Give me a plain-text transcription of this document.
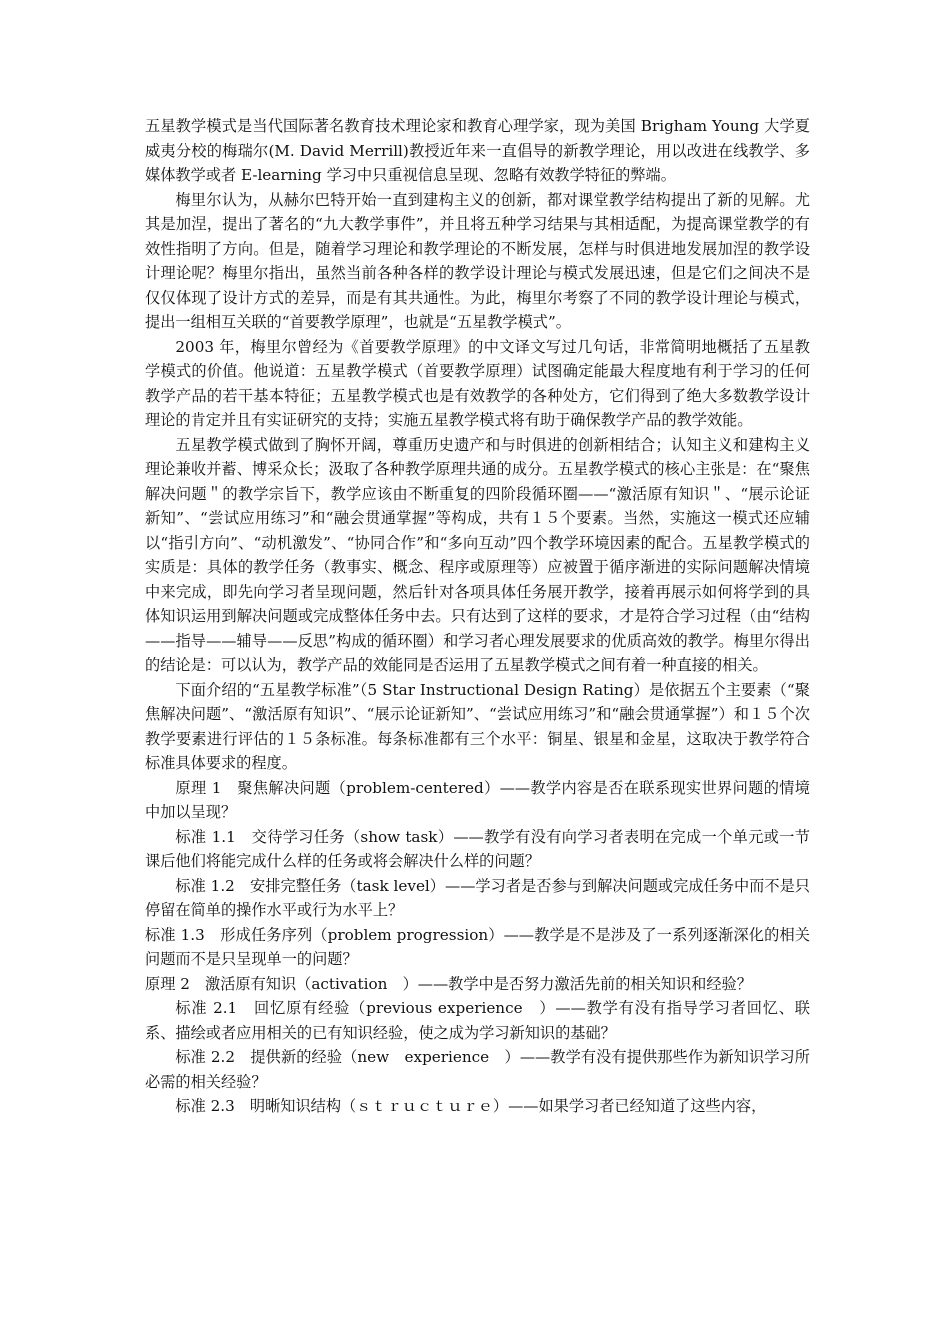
五星教学模式是当代国际著名教育技术理论家和教育心理学家，现为美国 Brigham Young 大学夏威夷分校的梅瑞尔(M. David Merrill)教授近年来一直倡导的新教学理论，用以改进在线教学、多媒体教学或者 E-learning 学习中只重视信息呈现、忽略有效教学特征的弊端。

梅里尔认为，从赫尔巴特开始一直到建构主义的创新，都对课堂教学结构提出了新的见解。尤其是加涅，提出了著名的“九大教学事件”，并且将五种学习结果与其相适配，为提高课堂教学的有效性指明了方向。但是，随着学习理论和教学理论的不断发展，怎样与时俱进地发展加涅的教学设计理论呢？梅里尔指出，虽然当前各种各样的教学设计理论与模式发展迅速，但是它们之间决不是仅仅体现了设计方式的差异，而是有其共通性。为此，梅里尔考察了不同的教学设计理论与模式，提出一组相互关联的“首要教学原理”，也就是“五星教学模式”。

2003 年，梅里尔曾经为《首要教学原理》的中文译文写过几句话，非常简明地概括了五星教学模式的价值。他说道：五星教学模式（首要教学原理）试图确定能最大程度地有利于学习的任何教学产品的若干基本特征；五星教学模式也是有效教学的各种处方，它们得到了绝大多数教学设计理论的肯定并且有实证研究的支持；实施五星教学模式将有助于确保教学产品的教学效能。

五星教学模式做到了胸怀开阔，尊重历史遗产和与时俱进的创新相结合；认知主义和建构主义理论兼收并蓄、博采众长；汲取了各种教学原理共通的成分。五星教学模式的核心主张是：在“聚焦解决问题＂的教学宗旨下，教学应该由不断重复的四阶段循环圈——“激活原有知识＂、“展示论证新知”、“尝试应用练习”和“融会贯通掌握”等构成，共有１５个要素。当然，实施这一模式还应辅以“指引方向”、“动机激发”、“协同合作”和“多向互动”四个教学环境因素的配合。五星教学模式的实质是：具体的教学任务（教事实、概念、程序或原理等）应被置于循序渐进的实际问题解决情境中来完成，即先向学习者呈现问题，然后针对各项具体任务展开教学，接着再展示如何将学到的具体知识运用到解决问题或完成整体任务中去。只有达到了这样的要求，才是符合学习过程（由“结构——指导——辅导——反思”构成的循环圈）和学习者心理发展要求的优质高效的教学。梅里尔得出的结论是：可以认为，教学产品的效能同是否运用了五星教学模式之间有着一种直接的相关。

下面介绍的“五星教学标准”（5 Star Instructional Design Rating）是依据五个主要素（“聚焦解决问题”、“激活原有知识”、“展示论证新知”、“尝试应用练习”和“融会贯通掌握”）和１５个次教学要素进行评估的１５条标准。每条标准都有三个水平：铜星、银星和金星，这取决于教学符合标准具体要求的程度。

原理 1　聚焦解决问题（problem-centered）——教学内容是否在联系现实世界问题的情境中加以呈现？

标准 1.1　交待学习任务（show task）——教学有没有向学习者表明在完成一个单元或一节课后他们将能完成什么样的任务或将会解决什么样的问题？

标准 1.2　安排完整任务（task level）——学习者是否参与到解决问题或完成任务中而不是只停留在简单的操作水平或行为水平上？

标准 1.3　形成任务序列（problem progression）——教学是不是涉及了一系列逐渐深化的相关问题而不是只呈现单一的问题？

原理 2　激活原有知识（activation　）——教学中是否努力激活先前的相关知识和经验？

标准 2.1　回忆原有经验（previous experience　）——教学有没有指导学习者回忆、联系、描绘或者应用相关的已有知识经验，使之成为学习新知识的基础？

标准 2.2　提供新的经验（new　experience　）——教学有没有提供那些作为新知识学习所必需的相关经验？

标准 2.3　明晰知识结构（ｓｔｒｕｃｔｕｒｅ）——如果学习者已经知道了这些内容，
